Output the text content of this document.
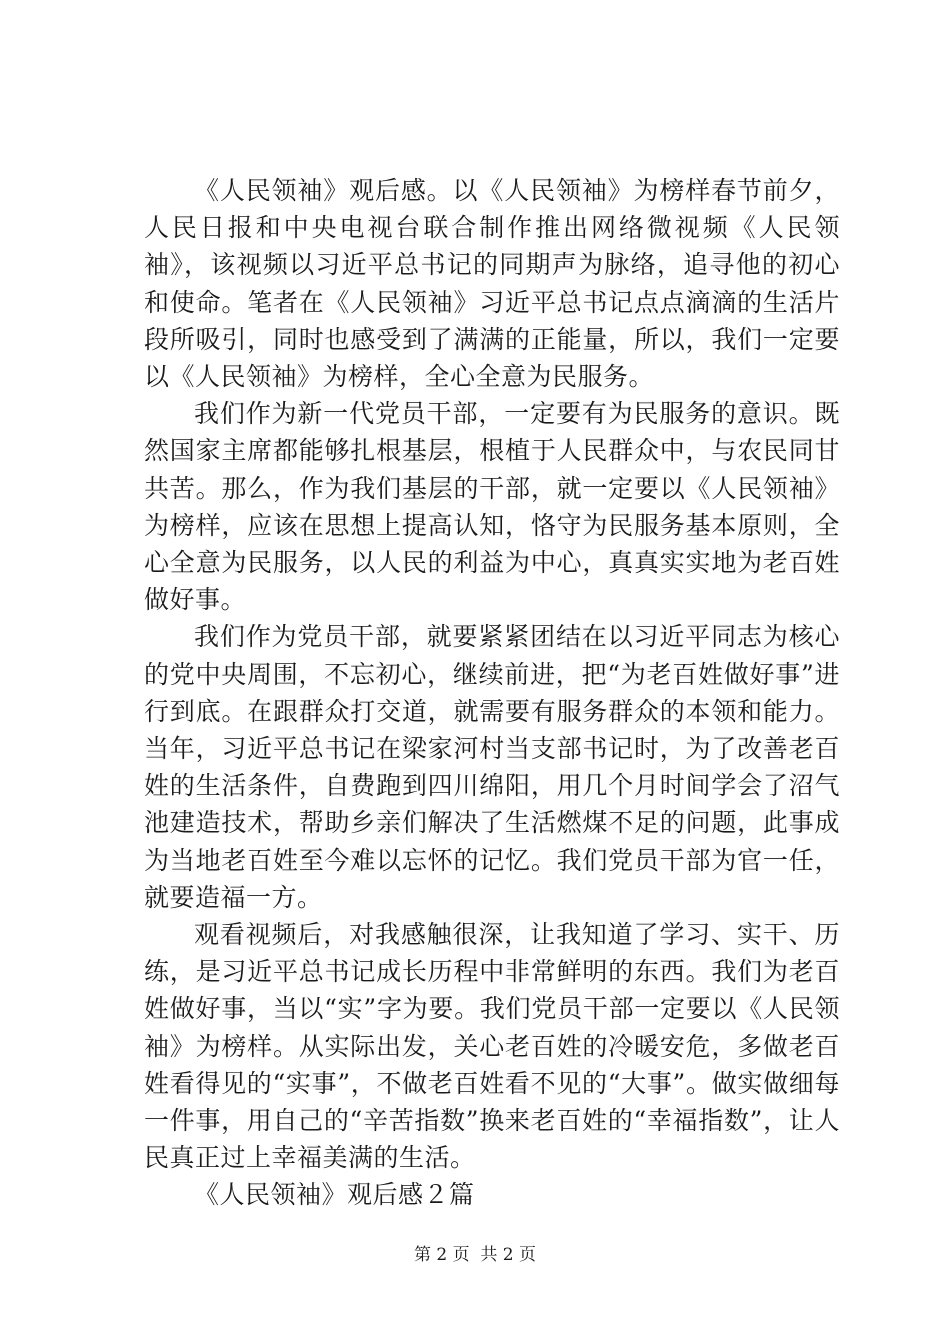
《人民领袖》观后感。以《人民领袖》为榜样春节前夕，人民日报和中央电视台联合制作推出网络微视频《人民领袖》，该视频以习近平总书记的同期声为脉络，追寻他的初心和使命。笔者在《人民领袖》习近平总书记点点滴滴的生活片段所吸引，同时也感受到了满满的正能量，所以，我们一定要以《人民领袖》为榜样，全心全意为民服务。

我们作为新一代党员干部，一定要有为民服务的意识。既然国家主席都能够扎根基层，根植于人民群众中，与农民同甘共苦。那么，作为我们基层的干部，就一定要以《人民领袖》为榜样，应该在思想上提高认知，恪守为民服务基本原则，全心全意为民服务，以人民的利益为中心，真真实实地为老百姓做好事。

我们作为党员干部，就要紧紧团结在以习近平同志为核心的党中央周围，不忘初心，继续前进，把“为老百姓做好事”进行到底。在跟群众打交道，就需要有服务群众的本领和能力。当年，习近平总书记在梁家河村当支部书记时，为了改善老百姓的生活条件，自费跑到四川绵阳，用几个月时间学会了沼气池建造技术，帮助乡亲们解决了生活燃煤不足的问题，此事成为当地老百姓至今难以忘怀的记忆。我们党员干部为官一任，就要造福一方。

观看视频后，对我感触很深，让我知道了学习、实干、历练，是习近平总书记成长历程中非常鲜明的东西。我们为老百姓做好事，当以“实”字为要。我们党员干部一定要以《人民领袖》为榜样。从实际出发，关心老百姓的冷暖安危，多做老百姓看得见的“实事”，不做老百姓看不见的“大事”。做实做细每一件事，用自己的“辛苦指数”换来老百姓的“幸福指数”，让人民真正过上幸福美满的生活。

《人民领袖》观后感２篇

第 2 页  共 2 页
